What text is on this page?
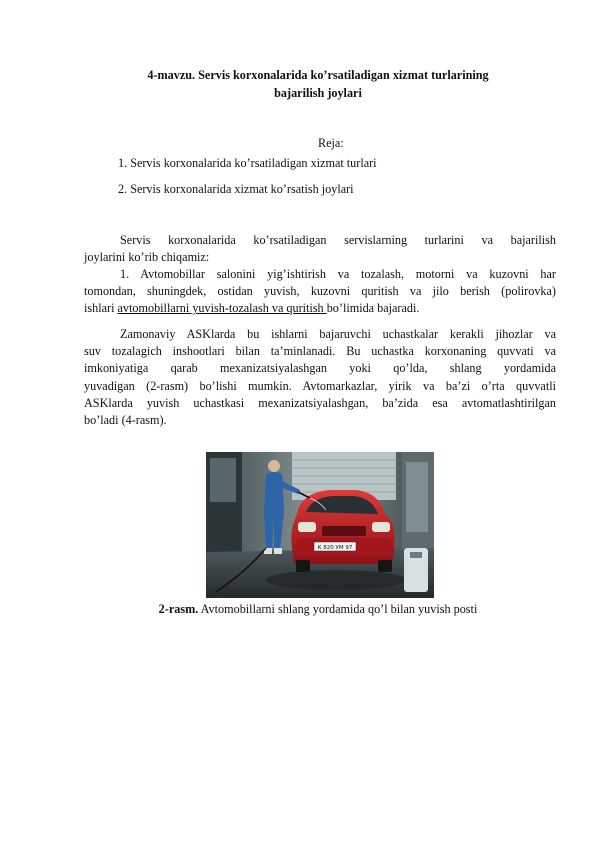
4-mavzu. Servis korxonalarida ko’rsatiladigan xizmat turlarining
bajarilish joylari
Reja:
1. Servis korxonalarida ko’rsatiladigan xizmat turlari
2. Servis korxonalarida xizmat ko’rsatish joylari
Servis korxonalarida ko’rsatiladigan servislarning turlarini va bajarilish
joylarini ko’rib chiqamiz:
1. Avtomobillar salonini yig’ishtirish va tozalash, motorni va kuzovni har
tomondan, shuningdek, ostidan yuvish, kuzovni quritish va jilo berish (polirovka)
ishlari avtomobillarni yuvish-tozalash va quritish bo’limida bajaradi.
Zamonaviy ASKlarda bu ishlarni bajaruvchi uchastkalar kerakli jihozlar va
suv tozalagich inshootlari bilan ta’minlanadi. Bu uchastka korxonaning quvvati va
imkoniyatiga qarab mexanizatsiyalashgan yoki qo’lda, shlang yordamida
yuvadigan (2-rasm) bo’lishi mumkin. Avtomarkazlar, yirik va ba’zi o’rta quvvatli
ASKlarda yuvish uchastkasi mexanizatsiyalashgan, ba’zida esa avtomatlashtirilgan
bo’ladi (4-rasm).
К 820 УМ 97
2-rasm. Avtomobillarni shlang yordamida qo’l bilan yuvish posti
